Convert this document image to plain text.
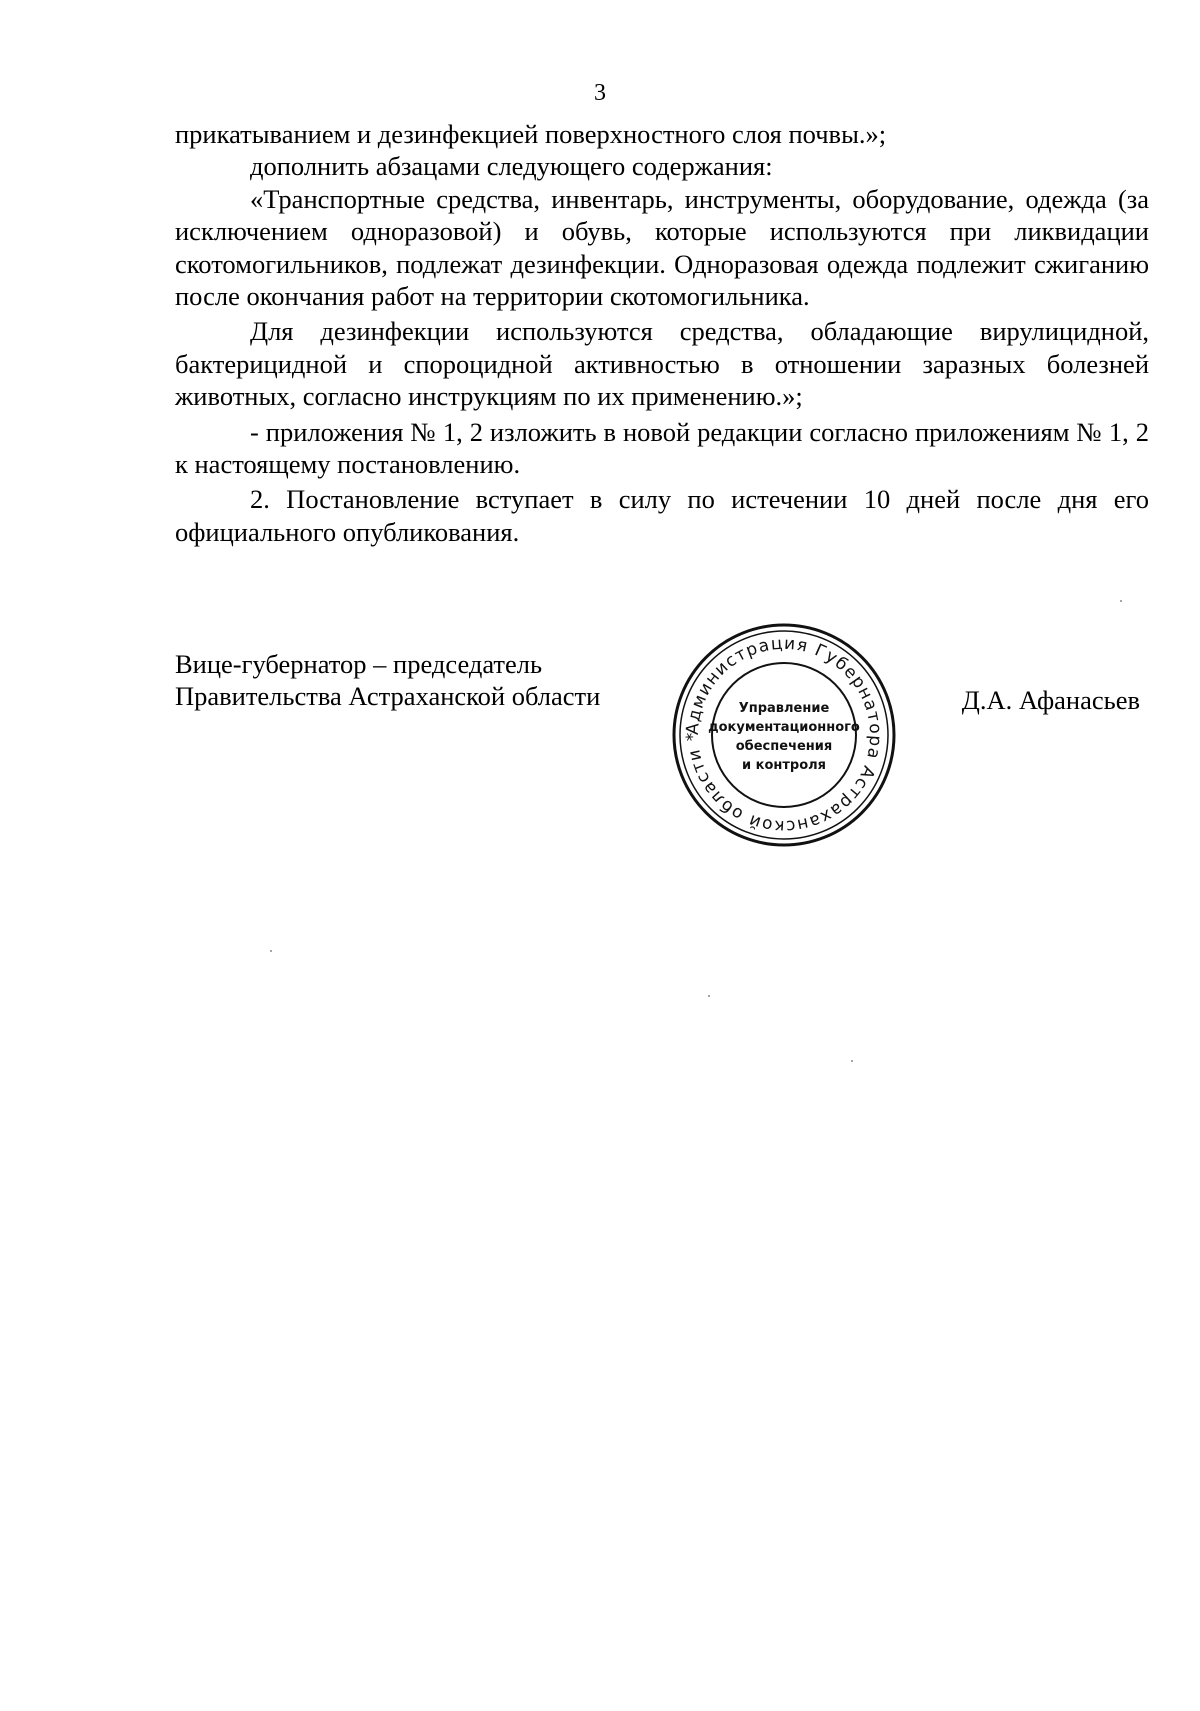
3

прикатыванием и дезинфекцией поверхностного слоя почвы.»;

дополнить абзацами следующего содержания:

«Транспортные средства, инвентарь, инструменты, оборудование, одежда (за исключением одноразовой) и обувь, которые используются при ликвидации скотомогильников, подлежат дезинфекции. Одноразовая одежда подлежит сжиганию после окончания работ на территории скотомогильника.

Для дезинфекции используются средства, обладающие вирулицидной, бактерицидной и спороцидной активностью в отношении заразных болезней животных, согласно инструкциям по их применению.»;

- приложения № 1, 2 изложить в новой редакции согласно приложениям № 1, 2 к настоящему постановлению.

2. Постановление вступает в силу по истечении 10 дней после дня его официального опубликования.

Вице-губернатор – председатель
Правительства Астраханской области	Д.А. Афанасьев
Администрация Губернатора Астраханской области *
Управление
документационного
обеспечения
и контроля
